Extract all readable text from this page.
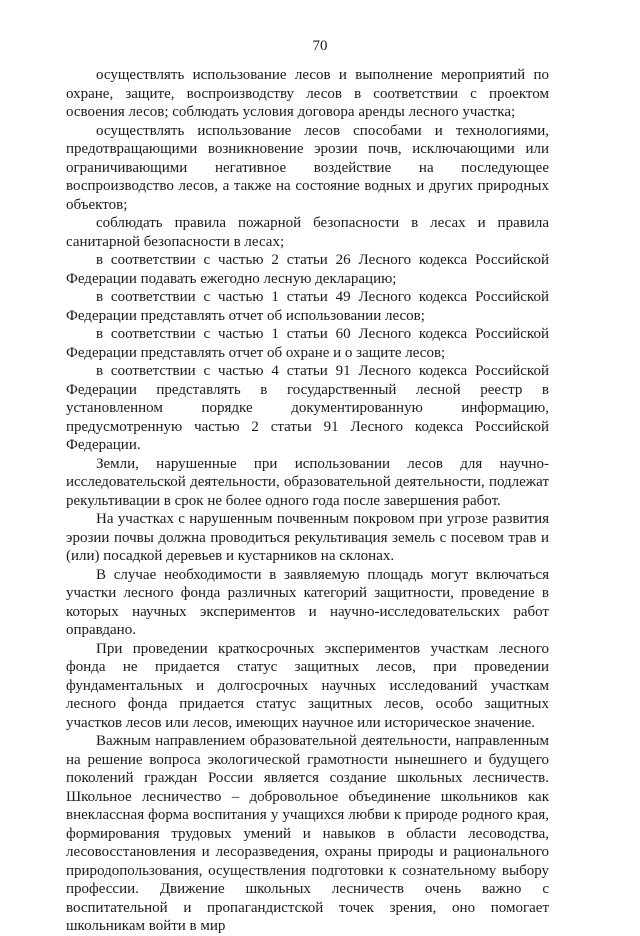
70

осуществлять использование лесов и выполнение мероприятий по охране, защите, воспроизводству лесов в соответствии с проектом освоения лесов; соблюдать условия договора аренды лесного участка;

осуществлять использование лесов способами и технологиями, предотвращающими возникновение эрозии почв, исключающими или ограничивающими негативное воздействие на последующее воспроизводство лесов, а также на состояние водных и других природных объектов;

соблюдать правила пожарной безопасности в лесах и правила санитарной безопасности в лесах;

в соответствии с частью 2 статьи 26 Лесного кодекса Российской Федерации подавать ежегодно лесную декларацию;

в соответствии с частью 1 статьи 49 Лесного кодекса Российской Федерации представлять отчет об использовании лесов;

в соответствии с частью 1 статьи 60 Лесного кодекса Российской Федерации представлять отчет об охране и о защите лесов;

в соответствии с частью 4 статьи 91 Лесного кодекса Российской Федерации представлять в государственный лесной реестр в установленном порядке документированную информацию, предусмотренную частью 2 статьи 91 Лесного кодекса Российской Федерации.

Земли, нарушенные при использовании лесов для научно-исследовательской деятельности, образовательной деятельности, подлежат рекультивации в срок не более одного года после завершения работ.

На участках с нарушенным почвенным покровом при угрозе развития эрозии почвы должна проводиться рекультивация земель с посевом трав и (или) посадкой деревьев и кустарников на склонах.

В случае необходимости в заявляемую площадь могут включаться участки лесного фонда различных категорий защитности, проведение в которых научных экспериментов и научно-исследовательских работ оправдано.

При проведении краткосрочных экспериментов участкам лесного фонда не придается статус защитных лесов, при проведении фундаментальных и долгосрочных научных исследований участкам лесного фонда придается статус защитных лесов, особо защитных участков лесов или лесов, имеющих научное или историческое значение.

Важным направлением образовательной деятельности, направленным на решение вопроса экологической грамотности нынешнего и будущего поколений граждан России является создание школьных лесничеств. Школьное лесничество – добровольное объединение школьников как внеклассная форма воспитания у учащихся любви к природе родного края, формирования трудовых умений и навыков в области лесоводства, лесовосстановления и лесоразведения, охраны природы и рационального природопользования, осуществления подготовки к сознательному выбору профессии. Движение школьных лесничеств очень важно с воспитательной и пропагандистской точек зрения, оно помогает школьникам войти в мир
